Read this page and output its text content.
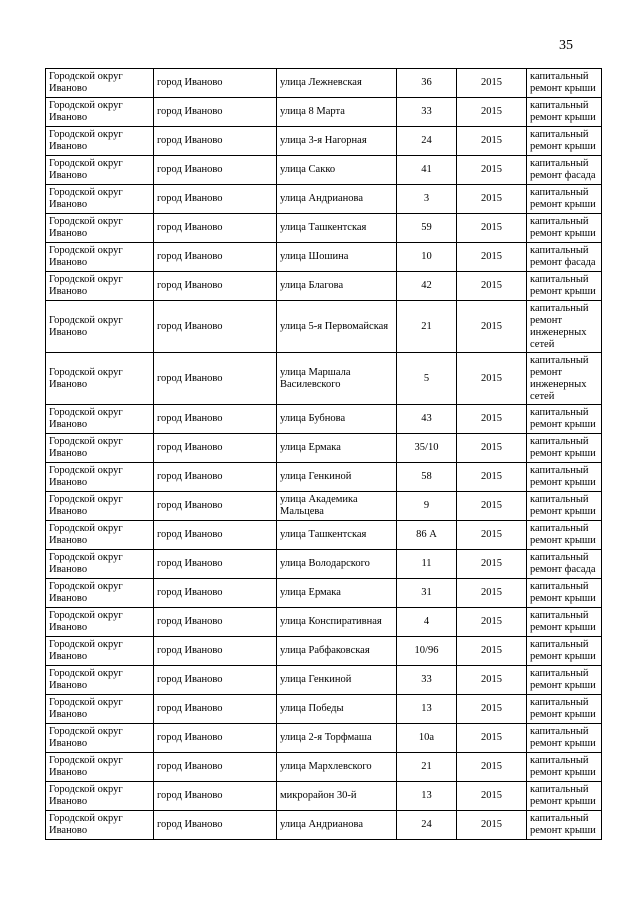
35
Городской округ Иваново	город Иваново	улица Лежневская	36	2015	капитальный ремонт крыши
Городской округ Иваново	город Иваново	улица 8 Марта	33	2015	капитальный ремонт крыши
Городской округ Иваново	город Иваново	улица 3-я Нагорная	24	2015	капитальный ремонт крыши
Городской округ Иваново	город Иваново	улица Сакко	41	2015	капитальный ремонт фасада
Городской округ Иваново	город Иваново	улица Андрианова	3	2015	капитальный ремонт крыши
Городской округ Иваново	город Иваново	улица Ташкентская	59	2015	капитальный ремонт крыши
Городской округ Иваново	город Иваново	улица Шошина	10	2015	капитальный ремонт фасада
Городской округ Иваново	город Иваново	улица Благова	42	2015	капитальный ремонт крыши
Городской округ Иваново	город Иваново	улица 5-я Первомайская	21	2015	капитальный ремонт инженерных сетей
Городской округ Иваново	город Иваново	улица Маршала Василевского	5	2015	капитальный ремонт инженерных сетей
Городской округ Иваново	город Иваново	улица Бубнова	43	2015	капитальный ремонт крыши
Городской округ Иваново	город Иваново	улица Ермака	35/10	2015	капитальный ремонт крыши
Городской округ Иваново	город Иваново	улица Генкиной	58	2015	капитальный ремонт крыши
Городской округ Иваново	город Иваново	улица Академика Мальцева	9	2015	капитальный ремонт крыши
Городской округ Иваново	город Иваново	улица Ташкентская	86 А	2015	капитальный ремонт крыши
Городской округ Иваново	город Иваново	улица Володарского	11	2015	капитальный ремонт фасада
Городской округ Иваново	город Иваново	улица Ермака	31	2015	капитальный ремонт крыши
Городской округ Иваново	город Иваново	улица Конспиративная	4	2015	капитальный ремонт крыши
Городской округ Иваново	город Иваново	улица Рабфаковская	10/96	2015	капитальный ремонт крыши
Городской округ Иваново	город Иваново	улица Генкиной	33	2015	капитальный ремонт крыши
Городской округ Иваново	город Иваново	улица Победы	13	2015	капитальный ремонт крыши
Городской округ Иваново	город Иваново	улица 2-я Торфмаша	10а	2015	капитальный ремонт крыши
Городской округ Иваново	город Иваново	улица Мархлевского	21	2015	капитальный ремонт крыши
Городской округ Иваново	город Иваново	микрорайон 30-й	13	2015	капитальный ремонт крыши
Городской округ Иваново	город Иваново	улица Андрианова	24	2015	капитальный ремонт крыши
